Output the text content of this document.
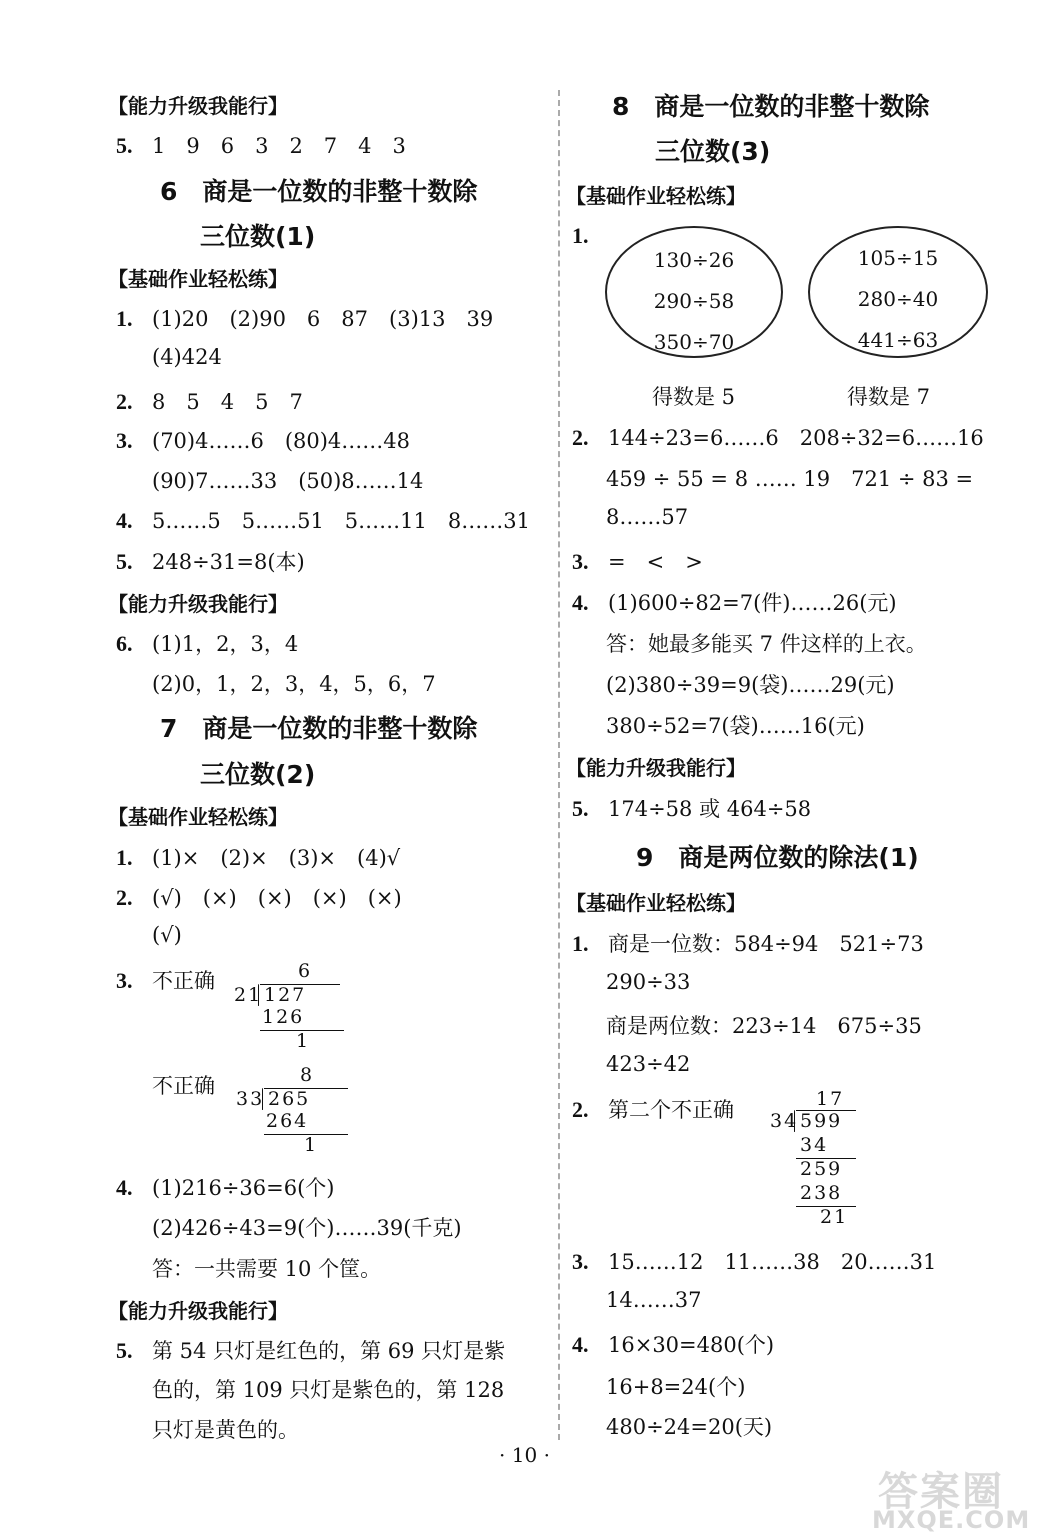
【能力升级我能行】
5. 1　9　6　3　2　7　4　3
6　商是一位数的非整十数除
三位数(1)
【基础作业轻松练】
1. (1)20　(2)90　6　87　(3)13　39
(4)424
2. 8　5　4　5　7
3. (70)4……6　(80)4……48
(90)7……33　(50)8……14
4. 5……5　5……51　5……11　8……31
5. 248÷31=8(本)
【能力升级我能行】
6. (1)1，2，3，4
(2)0，1，2，3，4，5，6，7
7　商是一位数的非整十数除
三位数(2)
【基础作业轻松练】
1. (1)×　(2)×　(3)×　(4)√
2. (√)　(×)　(×)　(×)　(×)
(√)
3. 不正确	6
21 127
126
1
不正确	8
33 265
264
1
4. (1)216÷36=6(个)
(2)426÷43=9(个)……39(千克)
答：一共需要 10 个筐。
【能力升级我能行】
5. 第 54 只灯是红色的，第 69 只灯是紫
色的，第 109 只灯是紫色的，第 128
只灯是黄色的。
8　商是一位数的非整十数除
三位数(3)
【基础作业轻松练】
1.
130÷26
290÷58
350÷70
105÷15
280÷40
441÷63
得数是 5	得数是 7
2. 144÷23=6……6　208÷32=6……16
459 ÷ 55 = 8 …… 19　721 ÷ 83 =
8……57
3. =　<　>
4. (1)600÷82=7(件)……26(元)
答：她最多能买 7 件这样的上衣。
(2)380÷39=9(袋)……29(元)
380÷52=7(袋)……16(元)
【能力升级我能行】
5. 174÷58 或 464÷58
9　商是两位数的除法(1)
【基础作业轻松练】
1. 商是一位数：584÷94　521÷73
290÷33
商是两位数：223÷14　675÷35
423÷42
2. 第二个不正确	17
34 599
34
259
238
21
3. 15……12　11……38　20……31
14……37
4. 16×30=480(个)
16+8=24(个)
480÷24=20(天)
· 10 ·
答案圈
MXQE.COM
